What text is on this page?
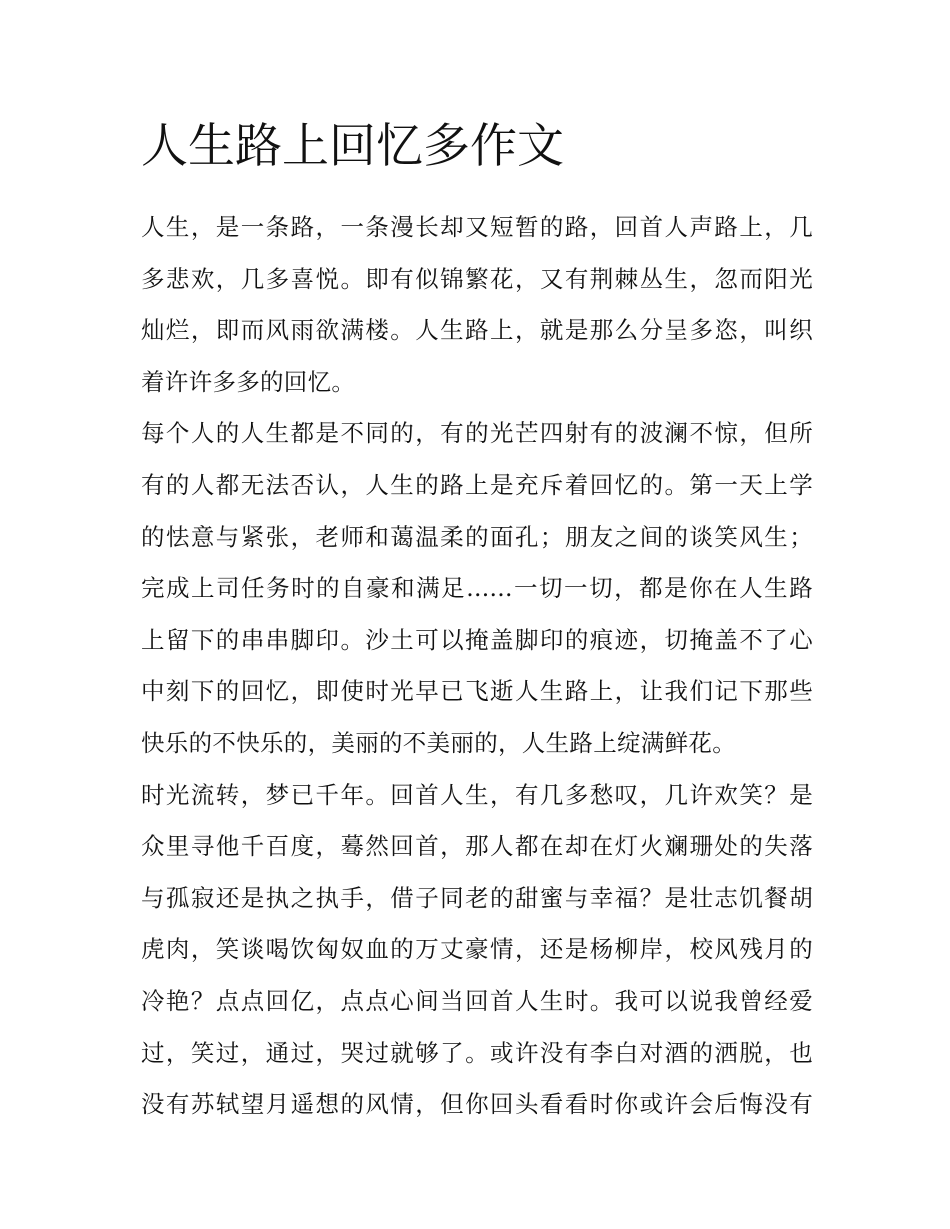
人生路上回忆多作文
人生，是一条路，一条漫长却又短暂的路，回首人声路上，几
多悲欢，几多喜悦。即有似锦繁花，又有荆棘丛生，忽而阳光
灿烂，即而风雨欲满楼。人生路上，就是那么分呈多恣，叫织
着许许多多的回忆。
每个人的人生都是不同的，有的光芒四射有的波澜不惊，但所
有的人都无法否认，人生的路上是充斥着回忆的。第一天上学
的怯意与紧张，老师和蔼温柔的面孔；朋友之间的谈笑风生；
完成上司任务时的自豪和满足......一切一切，都是你在人生路
上留下的串串脚印。沙土可以掩盖脚印的痕迹，切掩盖不了心
中刻下的回忆，即使时光早已飞逝人生路上，让我们记下那些
快乐的不快乐的，美丽的不美丽的，人生路上绽满鲜花。
时光流转，梦已千年。回首人生，有几多愁叹，几许欢笑？是
众里寻他千百度，蓦然回首，那人都在却在灯火斓珊处的失落
与孤寂还是执之执手，借子同老的甜蜜与幸福？是壮志饥餐胡
虎肉，笑谈喝饮匈奴血的万丈豪情，还是杨柳岸，校风残月的
冷艳？点点回亿，点点心间当回首人生时。我可以说我曾经爱
过，笑过，通过，哭过就够了。或许没有李白对酒的洒脱，也
没有苏轼望月遥想的风情，但你回头看看时你或许会后悔没有
